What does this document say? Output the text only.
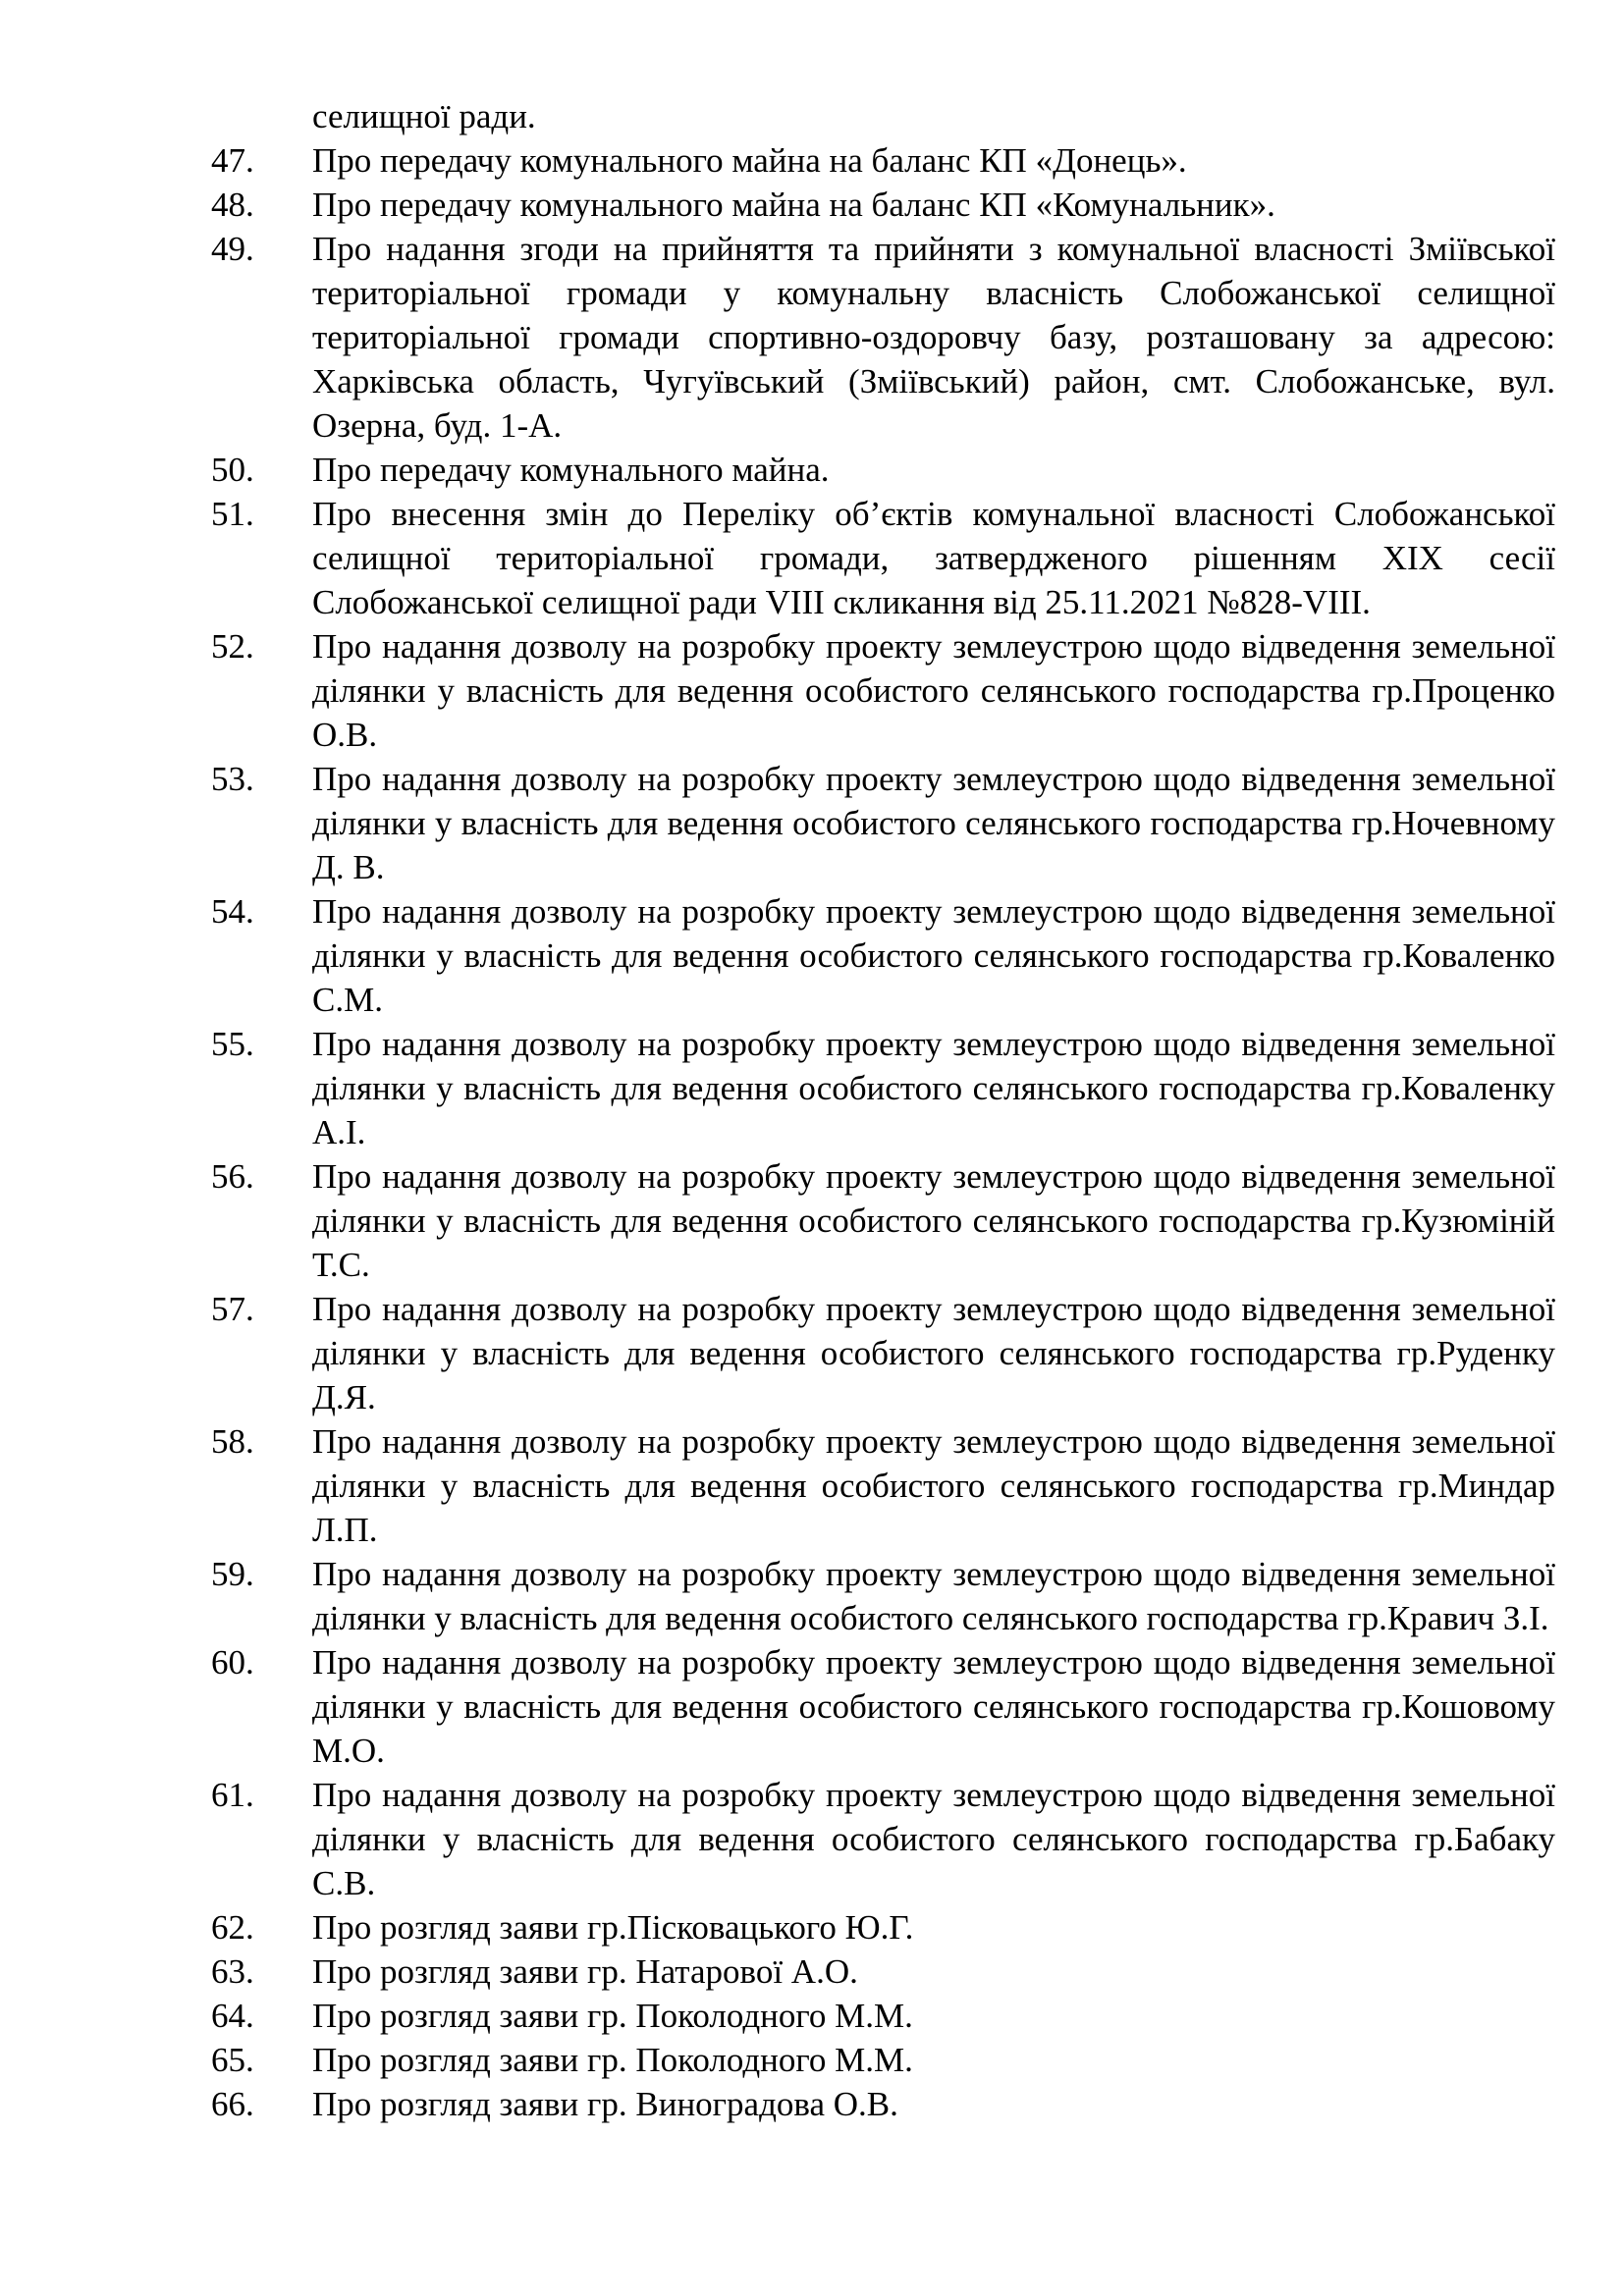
селищної ради.
47.	Про передачу комунального майна на баланс КП «Донець».
48.	Про передачу комунального майна на баланс КП «Комунальник».
49.	Про надання згоди на прийняття та прийняти з комунальної власності Зміївської територіальної громади у комунальну власність Слобожанської селищної територіальної громади спортивно-оздоровчу базу, розташовану за адресою: Харківська область, Чугуївський (Зміївський) район, смт. Слобожанське, вул. Озерна, буд. 1-А.
50.	Про передачу комунального майна.
51.	Про внесення змін до Переліку об’єктів комунальної власності Слобожанської селищної територіальної громади, затвердженого рішенням XIX сесії Слобожанської селищної ради VIII скликання від 25.11.2021 №828-VIII.
52.	Про надання дозволу на розробку проекту землеустрою щодо відведення земельної ділянки у власність для ведення особистого селянського господарства гр.Проценко О.В.
53.	Про надання дозволу на розробку проекту землеустрою щодо відведення земельної ділянки у власність для ведення особистого селянського господарства гр.Ночевному Д. В.
54.	Про надання дозволу на розробку проекту землеустрою щодо відведення земельної ділянки у власність для ведення особистого селянського господарства гр.Коваленко С.М.
55.	Про надання дозволу на розробку проекту землеустрою щодо відведення земельної ділянки у власність для ведення особистого селянського господарства гр.Коваленку А.І.
56.	Про надання дозволу на розробку проекту землеустрою щодо відведення земельної ділянки у власність для ведення особистого селянського господарства гр.Кузюміній Т.С.
57.	Про надання дозволу на розробку проекту землеустрою щодо відведення земельної ділянки у власність для ведення особистого селянського господарства гр.Руденку Д.Я.
58.	Про надання дозволу на розробку проекту землеустрою щодо відведення земельної ділянки у власність для ведення особистого селянського господарства гр.Миндар Л.П.
59.	Про надання дозволу на розробку проекту землеустрою щодо відведення земельної ділянки у власність для ведення особистого селянського господарства гр.Кравич З.І.
60.	Про надання дозволу на розробку проекту землеустрою щодо відведення земельної ділянки у власність для ведення особистого селянського господарства гр.Кошовому М.О.
61.	Про надання дозволу на розробку проекту землеустрою щодо відведення земельної ділянки у власність для ведення особистого селянського господарства гр.Бабаку С.В.
62.	Про розгляд заяви гр.Пісковацького Ю.Г.
63.	Про розгляд заяви гр. Натарової А.О.
64.	Про розгляд заяви гр. Поколодного М.М.
65.	Про розгляд заяви гр. Поколодного М.М.
66.	Про розгляд заяви гр. Виноградова О.В.
